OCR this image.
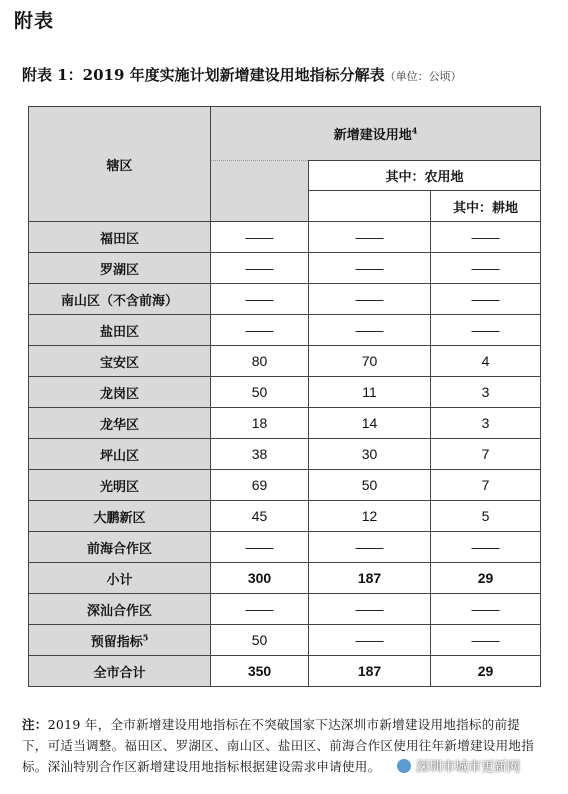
附表
附表 1：2019 年度实施计划新增建设用地指标分解表（单位：公顷）
辖区	新增建设用地$^4$
		其中：农用地	
			其中：耕地
福田区	——	——	——
罗湖区	——	——	——
南山区（不含前海）	——	——	——
盐田区	——	——	——
宝安区	80	70	4
龙岗区	50	11	3
龙华区	18	14	3
坪山区	38	30	7
光明区	69	50	7
大鹏新区	45	12	5
前海合作区	——	——	——
小计	300	187	29
深汕合作区	——	——	——
预留指标$^5$	50	——	——
全市合计	350	187	29
注：2019 年，全市新增建设用地指标在不突破国家下达深圳市新增建设用地指标的前提下，可适当调整。福田区、罗湖区、南山区、盐田区、前海合作区使用往年新增建设用地指标。深汕特别合作区新增建设用地指标根据建设需求申请使用。	深圳市城市更新网
